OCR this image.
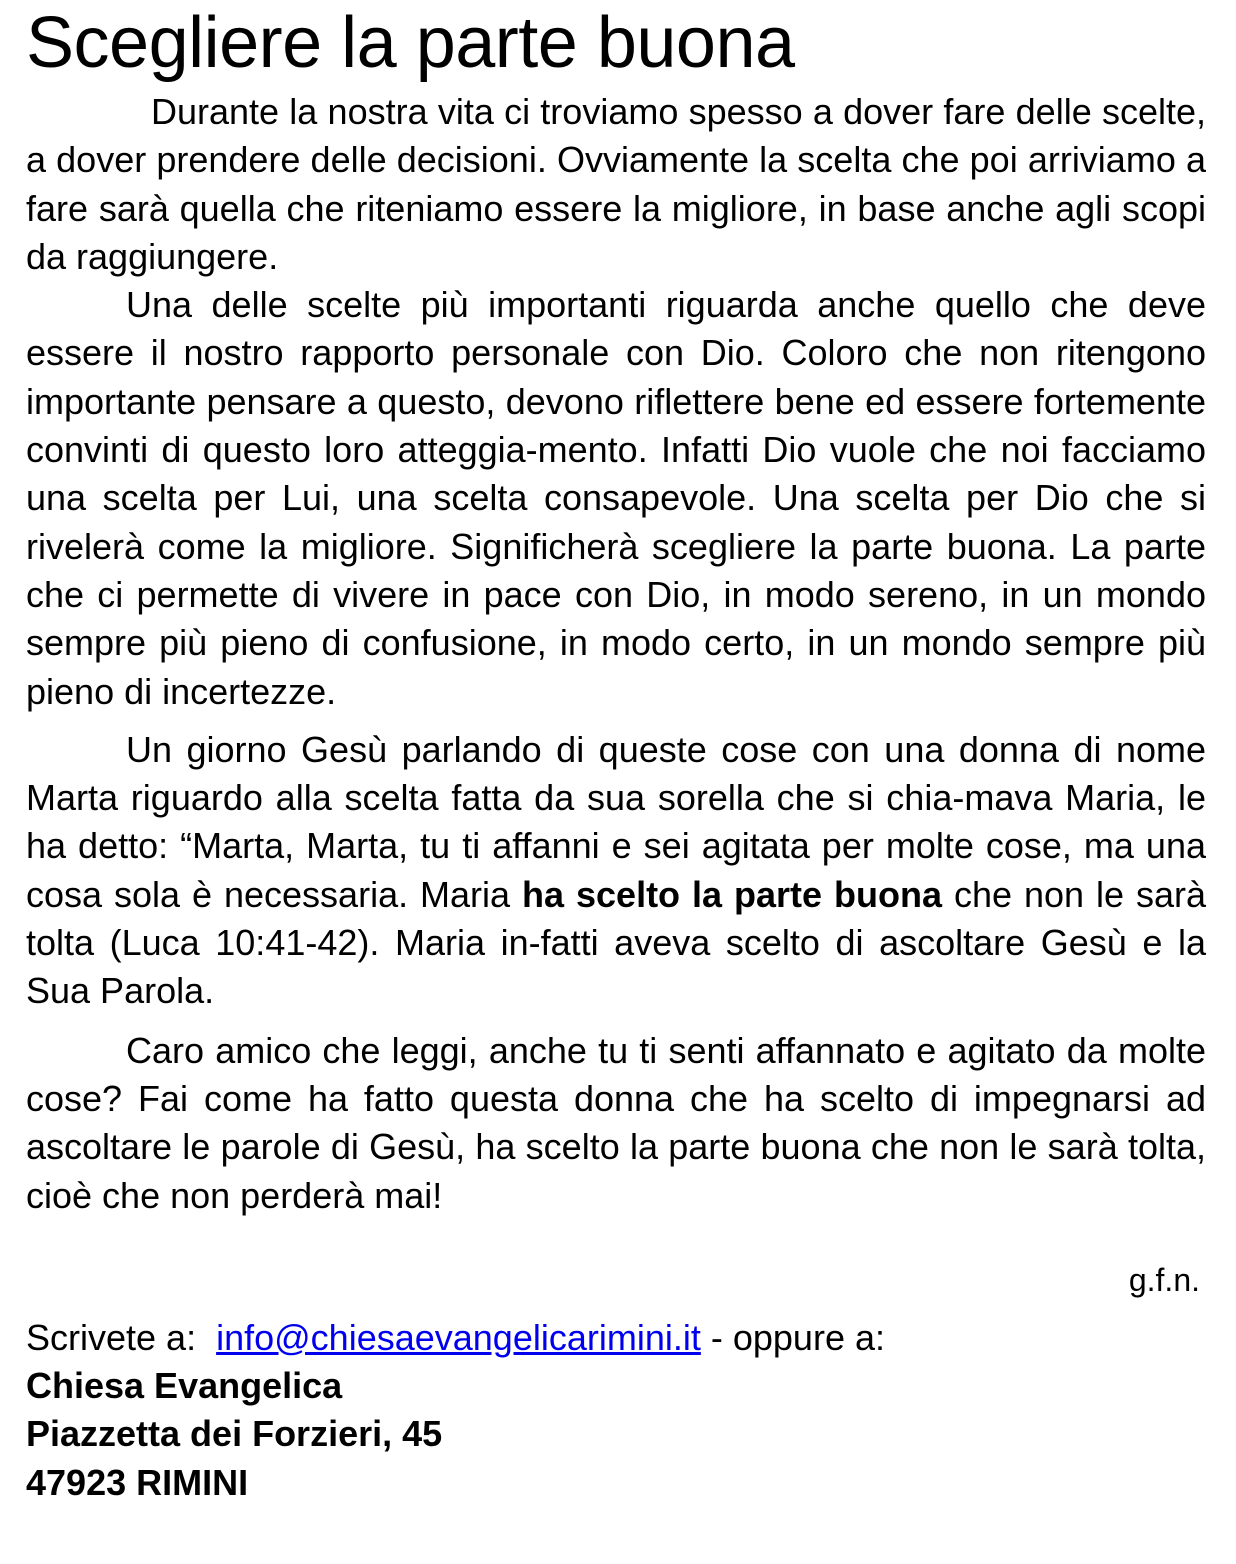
Scegliere la parte buona

Durante la nostra vita ci troviamo spesso a dover fare delle scelte, a dover prendere delle decisioni. Ovviamente la scelta che poi arriviamo a fare sarà quella che riteniamo essere la migliore, in base anche agli scopi da raggiungere.

Una delle scelte più importanti riguarda anche quello che deve essere il nostro rapporto personale con Dio. Coloro che non ritengono importante pensare a questo, devono riflettere bene ed essere fortemente convinti di questo loro atteggia-mento. Infatti Dio vuole che noi facciamo una scelta per Lui, una scelta consapevole. Una scelta per Dio che si rivelerà come la migliore. Significherà scegliere la parte buona. La parte che ci permette di vivere in pace con Dio, in modo sereno, in un mondo sempre più pieno di confusione, in modo certo, in un mondo sempre più pieno di incertezze.

Un giorno Gesù parlando di queste cose con una donna di nome Marta riguardo alla scelta fatta da sua sorella che si chia-mava Maria, le ha detto: “Marta, Marta, tu ti affanni e sei agitata per molte cose, ma una cosa sola è necessaria. Maria ha scelto la parte buona che non le sarà tolta (Luca 10:41-42). Maria in-fatti aveva scelto di ascoltare Gesù e la Sua Parola.

Caro amico che leggi, anche tu ti senti affannato e agitato da molte cose? Fai come ha fatto questa donna che ha scelto di impegnarsi ad ascoltare le parole di Gesù, ha scelto la parte buona che non le sarà tolta, cioè che non perderà mai!

g.f.n.
Scrivete a:  info@chiesaevangelicarimini.it - oppure a:
Chiesa Evangelica
Piazzetta dei Forzieri, 45
47923 RIMINI
